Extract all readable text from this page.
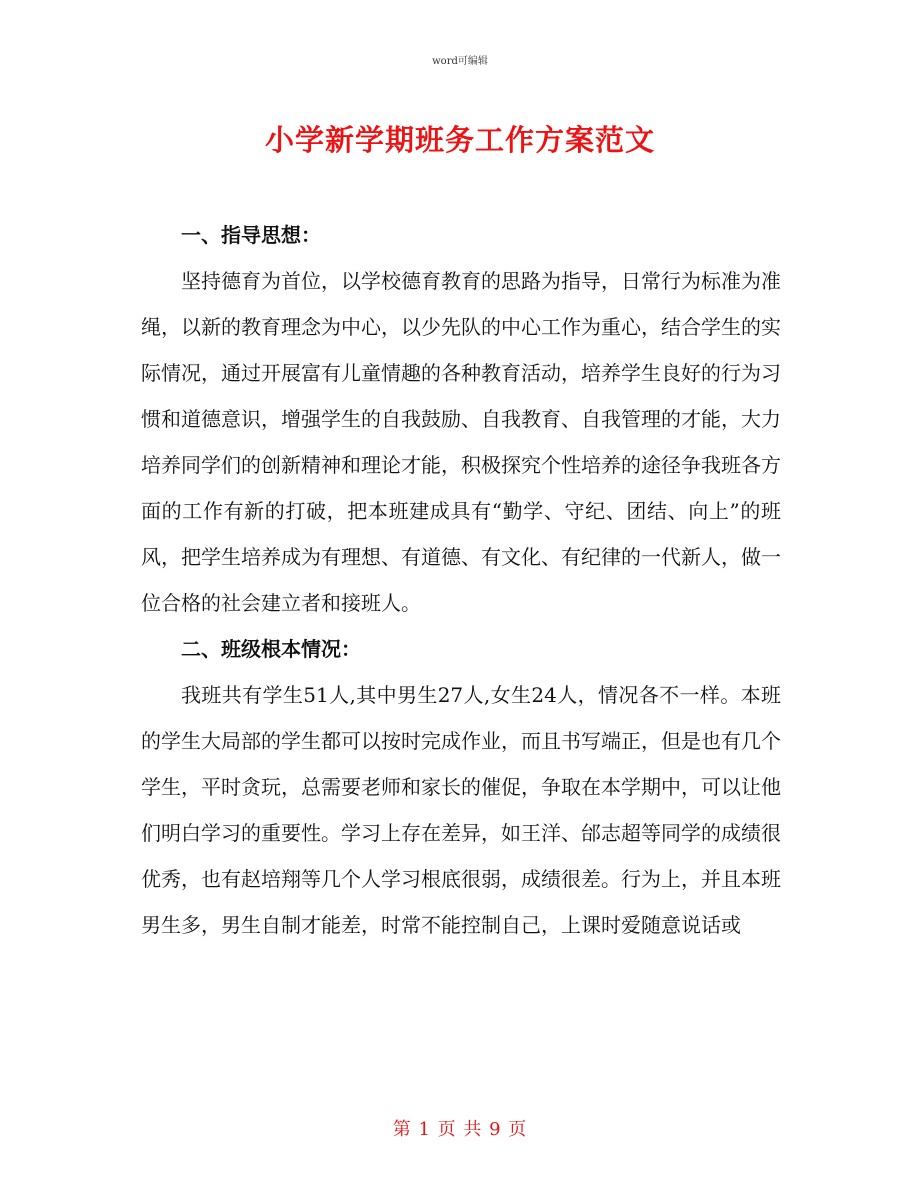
word可编辑
小学新学期班务工作方案范文

一、指导思想：

坚持德育为首位，以学校德育教育的思路为指导，日常行为标准为准绳，以新的教育理念为中心，以少先队的中心工作为重心，结合学生的实际情况，通过开展富有儿童情趣的各种教育活动，培养学生良好的行为习惯和道德意识，增强学生的自我鼓励、自我教育、自我管理的才能，大力培养同学们的创新精神和理论才能，积极探究个性培养的途径争我班各方面的工作有新的打破，把本班建成具有“勤学、守纪、团结、向上”的班风，把学生培养成为有理想、有道德、有文化、有纪律的一代新人，做一位合格的社会建立者和接班人。

二、班级根本情况：

我班共有学生51人,其中男生27人,女生24人，情况各不一样。本班的学生大局部的学生都可以按时完成作业，而且书写端正，但是也有几个学生，平时贪玩，总需要老师和家长的催促，争取在本学期中，可以让他们明白学习的重要性。学习上存在差异，如王洋、邰志超等同学的成绩很优秀，也有赵培翔等几个人学习根底很弱，成绩很差。行为上，并且本班男生多，男生自制才能差，时常不能控制自己，上课时爱随意说话或

第 1 页 共 9 页
